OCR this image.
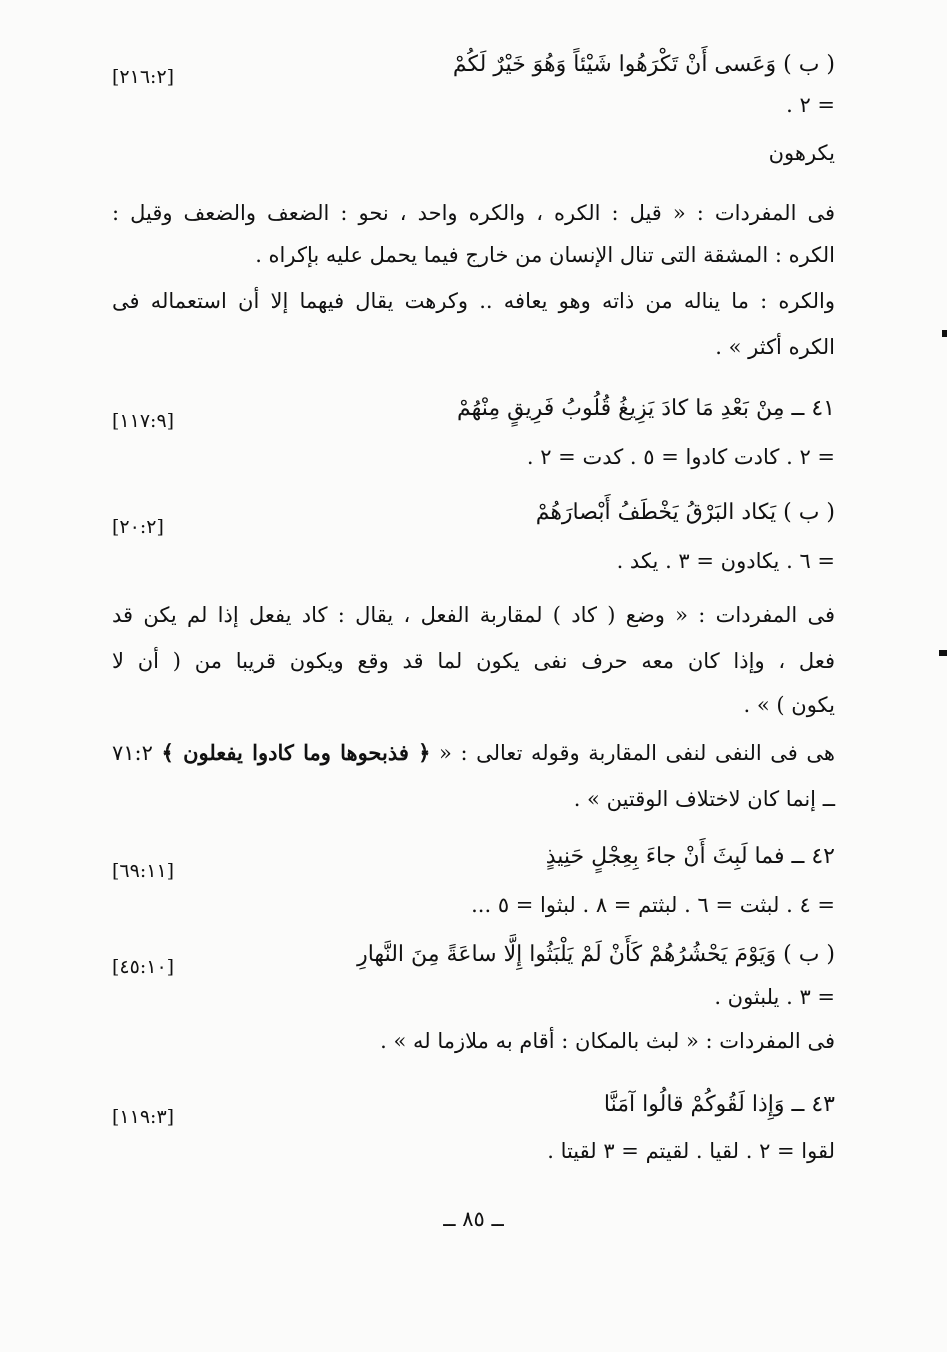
( ب ) وَعَسى أَنْ تَكْرَهُوا شَيْئاً وَهُوَ خَيْرٌ لَكُمْ
[٢١٦:٢]
= ٢ .
يكرهون
فى المفردات : « قيل : الكره ، والكره واحد ، نحو : الضعف والضعف وقيل :
الكره : المشقة التى تنال الإنسان من خارج فيما يحمل عليه بإكراه .
والكره : ما يناله من ذاته وهو يعافه .. وكرهت يقال فيهما إلا أن استعماله فى
الكره أكثر » .
٤١ ــ مِنْ بَعْدِ مَا كادَ يَزِيغُ قُلُوبُ فَرِيقٍ مِنْهُمْ
[١١٧:٩]
= ٢ . كادت كادوا = ٥ . كدت = ٢ .
( ب ) يَكاد البَرْقُ يَخْطَفُ أَبْصارَهُمْ
[٢٠:٢]
= ٦ . يكادون = ٣ . يكد .
فى المفردات : « وضع ( كاد ) لمقاربة الفعل ، يقال : كاد يفعل إذا لم يكن قد
فعل ، وإذا كان معه حرف نفى يكون لما قد وقع ويكون قريبا من ( أن لا
يكون ) » .
هى فى النفى لنفى المقاربة وقوله تعالى : « ﴿ فذبحوها وما كادوا يفعلون ﴾ ٧١:٢
ــ إنما كان لاختلاف الوقتين » .
٤٢ ــ فما لَبِثَ أَنْ جاءَ بِعِجْلٍ حَنِيذٍ
[٦٩:١١]
= ٤ . لبثت = ٦ . لبثتم = ٨ . لبثوا = ٥ ...
( ب ) وَيَوْمَ يَحْشُرُهُمْ كَأَنْ لَمْ يَلْبَثُوا إِلَّا ساعَةً مِنَ النَّهارِ
[٤٥:١٠]
= ٣ . يلبثون .
فى المفردات : « لبث بالمكان : أقام به ملازما له » .
٤٣ ــ وَإِذا لَقُوكُمْ قالُوا آمَنَّا
[١١٩:٣]
لقوا = ٢ . لقيا . لقيتم = ٣ لقيتا .
ــ ٨٥ ــ
